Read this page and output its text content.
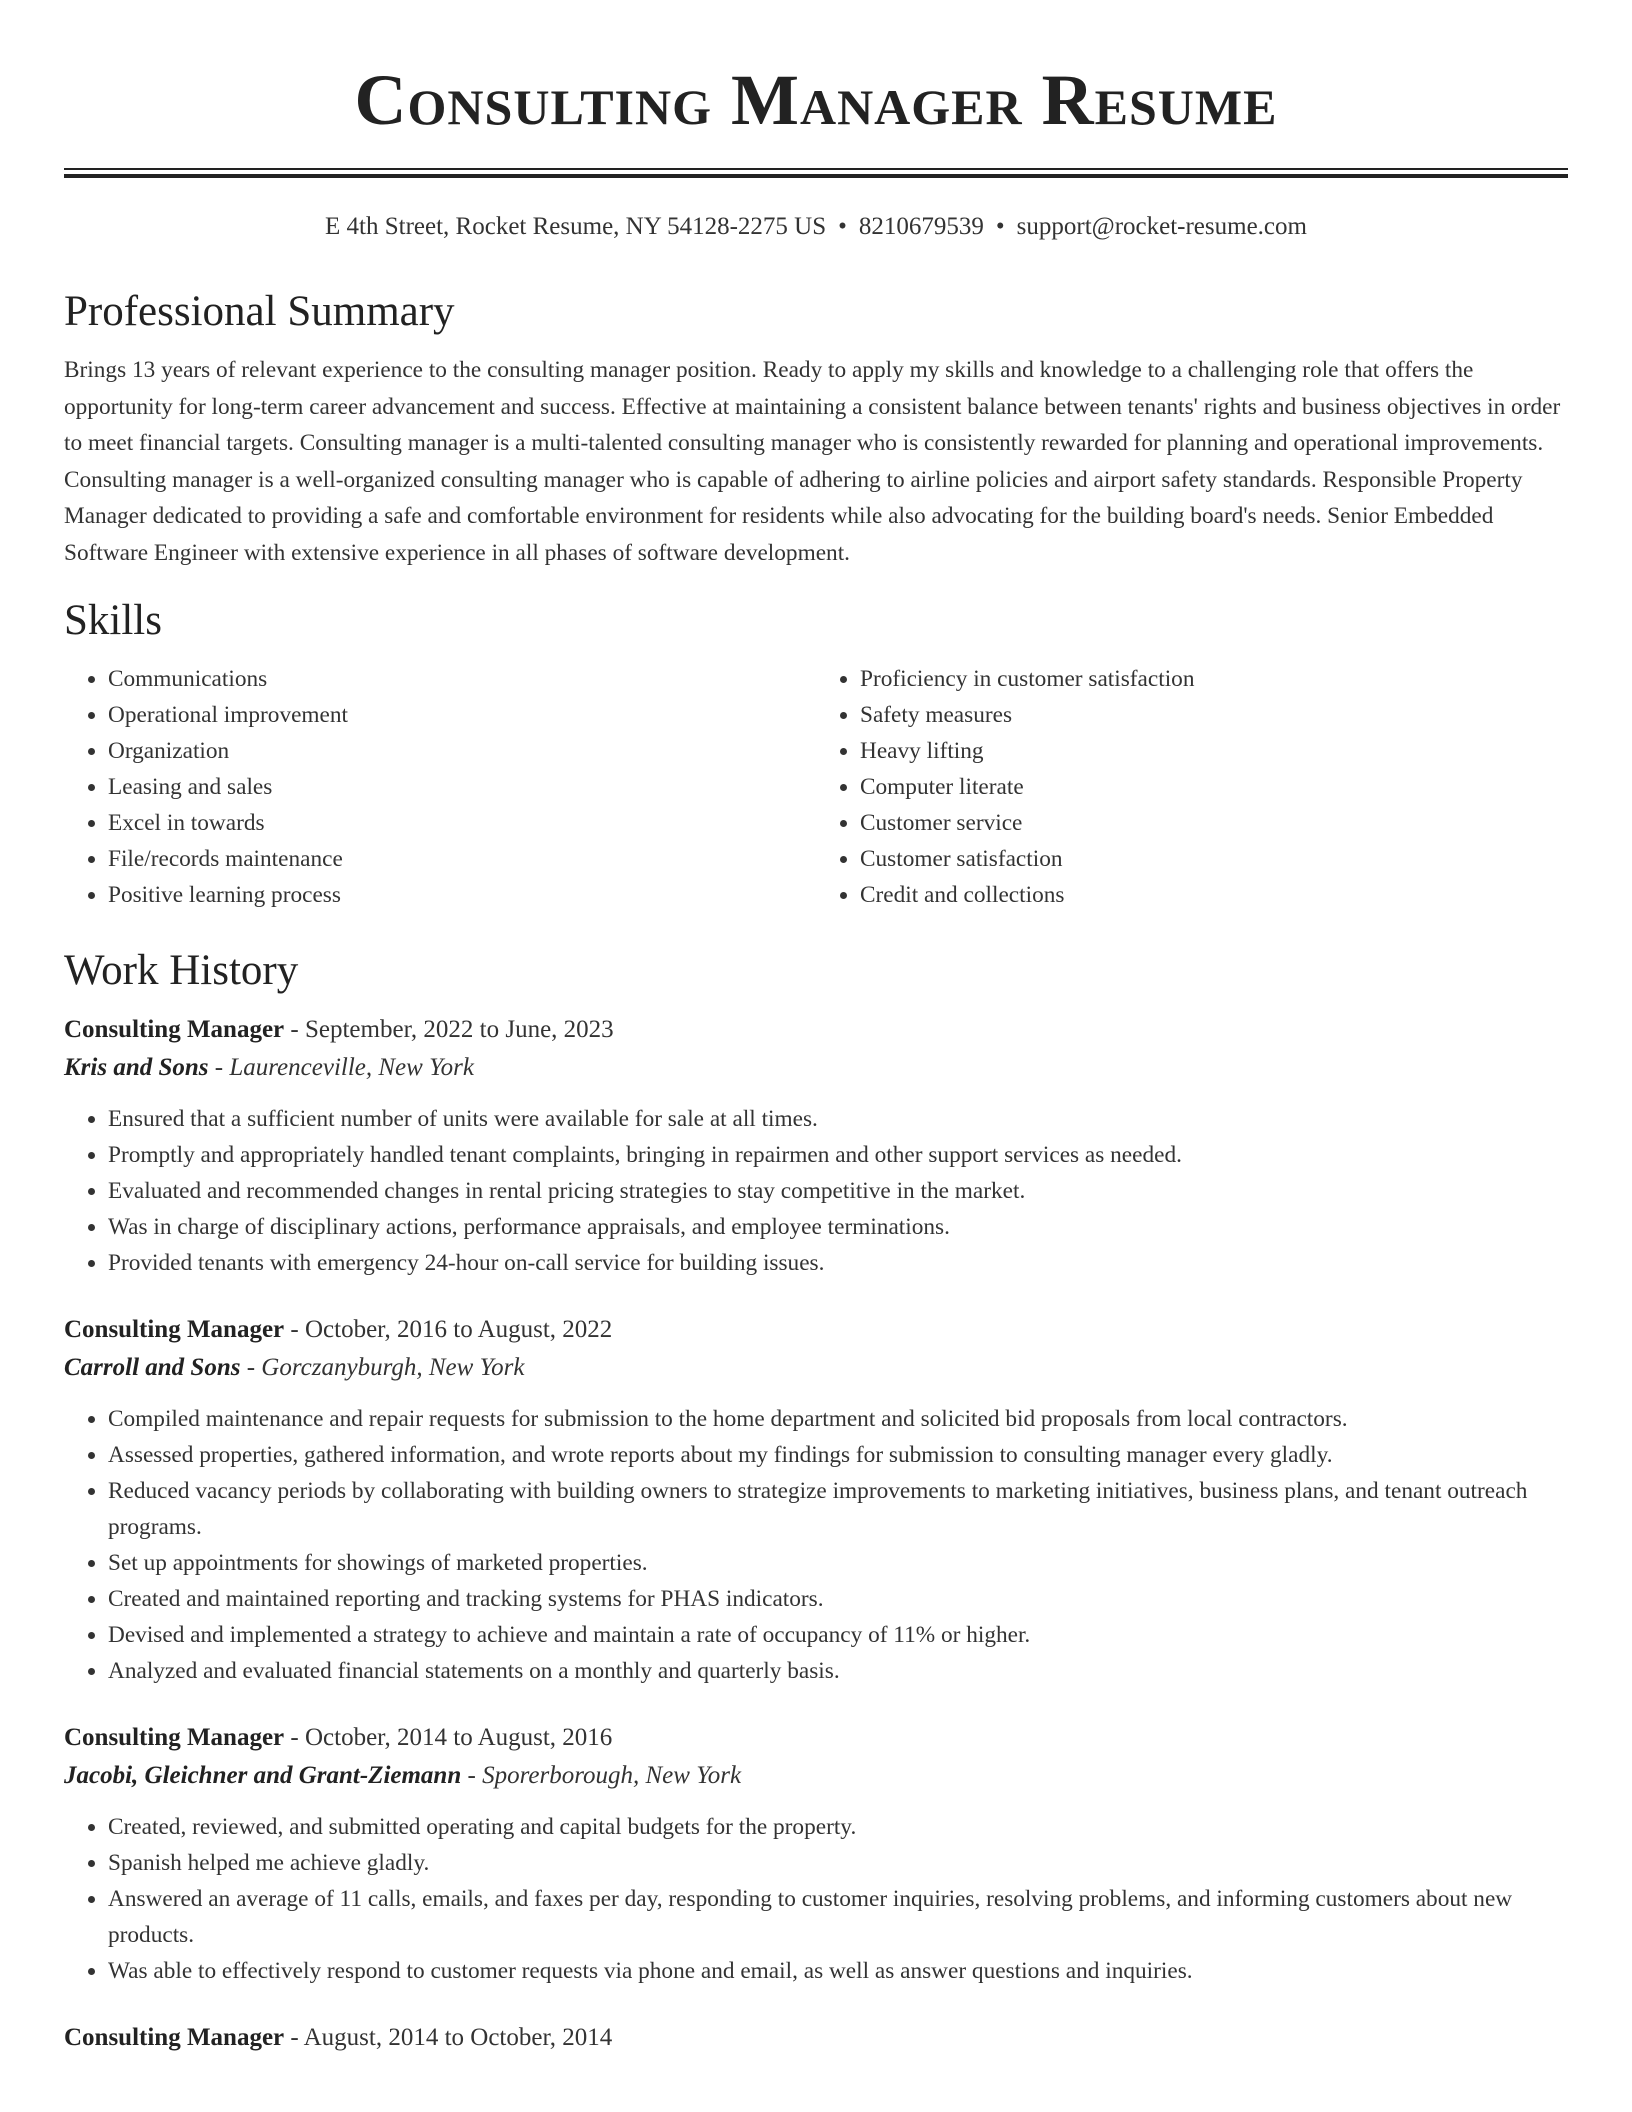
Consulting Manager Resume
E 4th Street, Rocket Resume, NY 54128-2275 US • 8210679539 • support@rocket-resume.com
Professional Summary

Brings 13 years of relevant experience to the consulting manager position. Ready to apply my skills and knowledge to a challenging role that offers the opportunity for long-term career advancement and success. Effective at maintaining a consistent balance between tenants' rights and business objectives in order to meet financial targets. Consulting manager is a multi-talented consulting manager who is consistently rewarded for planning and operational improvements. Consulting manager is a well-organized consulting manager who is capable of adhering to airline policies and airport safety standards. Responsible Property Manager dedicated to providing a safe and comfortable environment for residents while also advocating for the building board's needs. Senior Embedded Software Engineer with extensive experience in all phases of software development.

Skills
• Communications
• Operational improvement
• Organization
• Leasing and sales
• Excel in towards
• File/records maintenance
• Positive learning process
• Proficiency in customer satisfaction
• Safety measures
• Heavy lifting
• Computer literate
• Customer service
• Customer satisfaction
• Credit and collections
Work History
Consulting Manager - September, 2022 to June, 2023
Kris and Sons - Laurenceville, New York
• Ensured that a sufficient number of units were available for sale at all times.
• Promptly and appropriately handled tenant complaints, bringing in repairmen and other support services as needed.
• Evaluated and recommended changes in rental pricing strategies to stay competitive in the market.
• Was in charge of disciplinary actions, performance appraisals, and employee terminations.
• Provided tenants with emergency 24-hour on-call service for building issues.
Consulting Manager - October, 2016 to August, 2022
Carroll and Sons - Gorczanyburgh, New York
• Compiled maintenance and repair requests for submission to the home department and solicited bid proposals from local contractors.
• Assessed properties, gathered information, and wrote reports about my findings for submission to consulting manager every gladly.
• Reduced vacancy periods by collaborating with building owners to strategize improvements to marketing initiatives, business plans, and tenant outreach programs.
• Set up appointments for showings of marketed properties.
• Created and maintained reporting and tracking systems for PHAS indicators.
• Devised and implemented a strategy to achieve and maintain a rate of occupancy of 11% or higher.
• Analyzed and evaluated financial statements on a monthly and quarterly basis.
Consulting Manager - October, 2014 to August, 2016
Jacobi, Gleichner and Grant-Ziemann - Sporerborough, New York
• Created, reviewed, and submitted operating and capital budgets for the property.
• Spanish helped me achieve gladly.
• Answered an average of 11 calls, emails, and faxes per day, responding to customer inquiries, resolving problems, and informing customers about new products.
• Was able to effectively respond to customer requests via phone and email, as well as answer questions and inquiries.
Consulting Manager - August, 2014 to October, 2014
